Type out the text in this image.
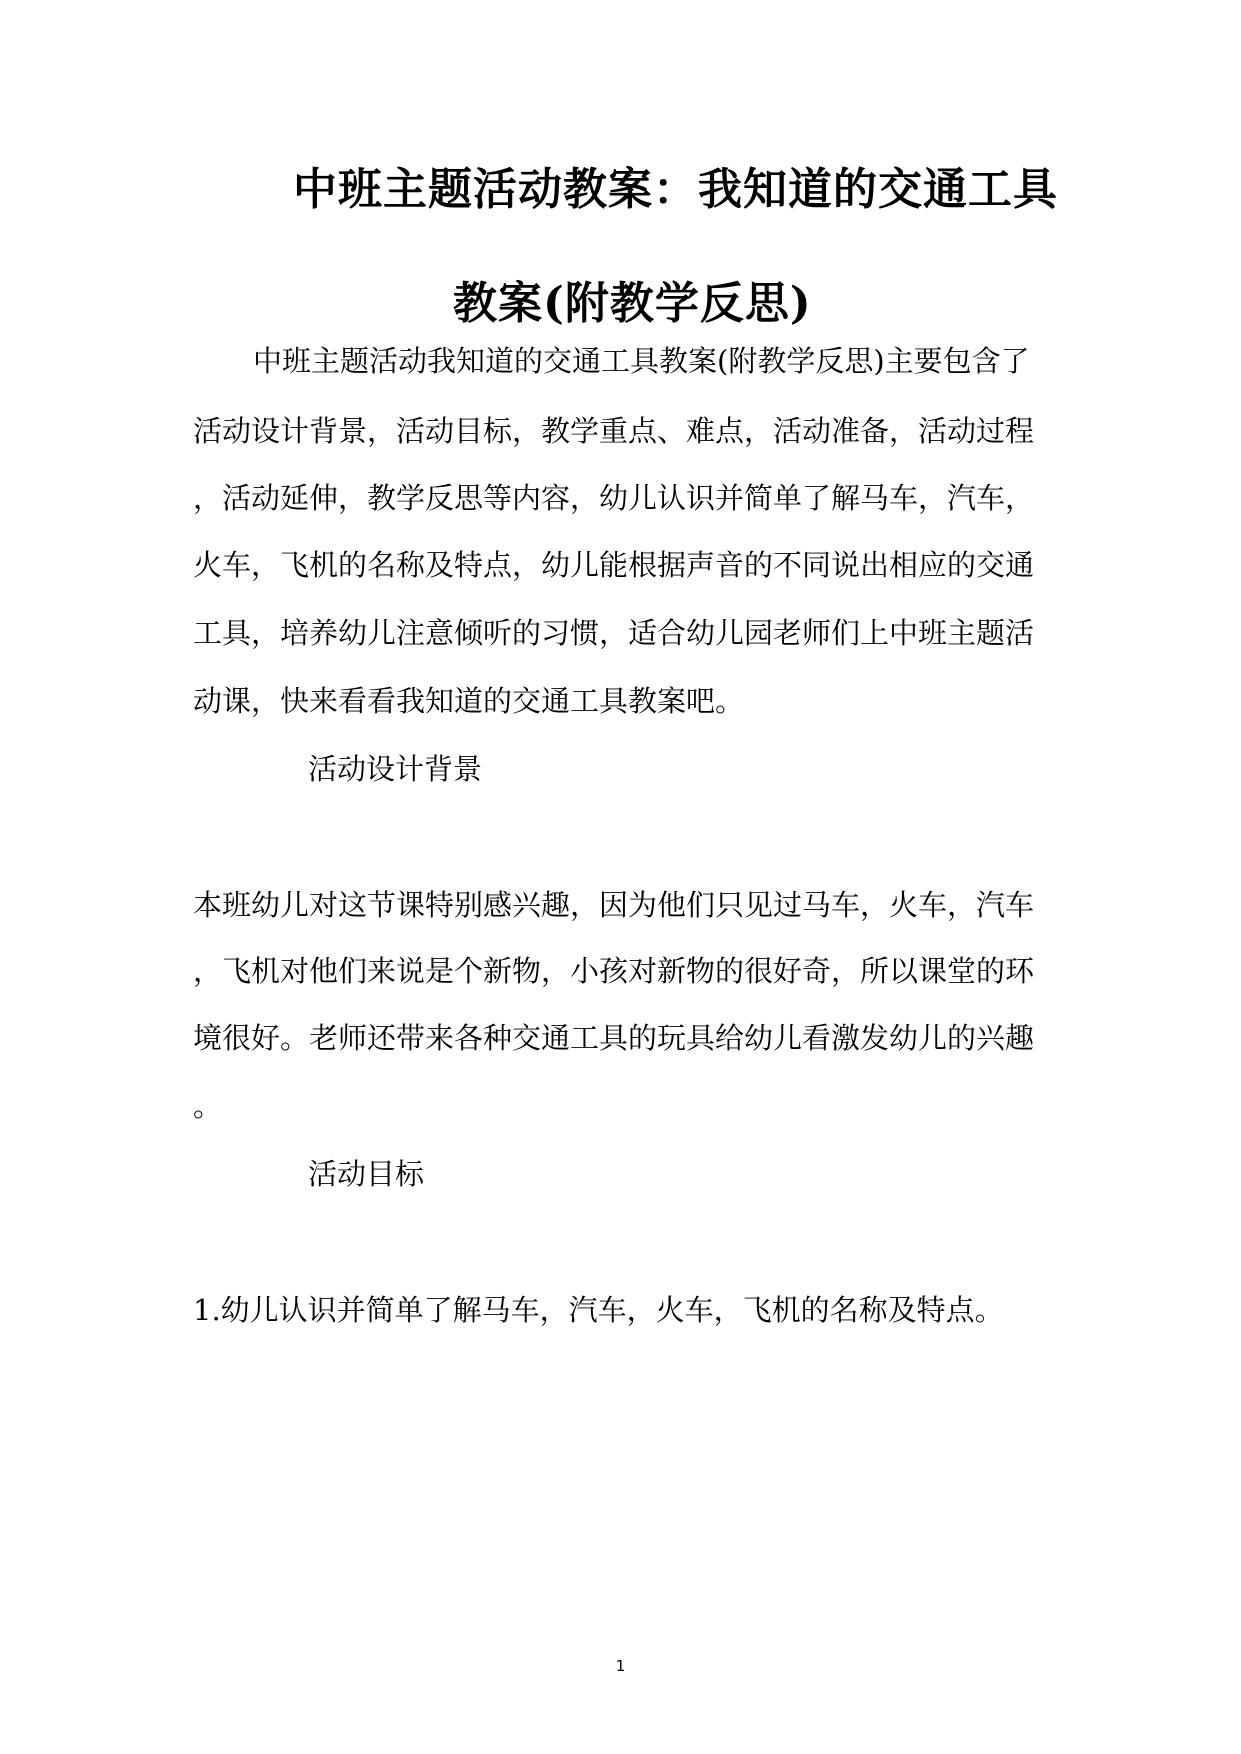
中班主题活动教案：我知道的交通工具
教案(附教学反思)
中班主题活动我知道的交通工具教案(附教学反思)主要包含了
活动设计背景，活动目标，教学重点、难点，活动准备，活动过程
，活动延伸，教学反思等内容，幼儿认识并简单了解马车，汽车，
火车，飞机的名称及特点，幼儿能根据声音的不同说出相应的交通
工具，培养幼儿注意倾听的习惯，适合幼儿园老师们上中班主题活
动课，快来看看我知道的交通工具教案吧。
活动设计背景
本班幼儿对这节课特别感兴趣，因为他们只见过马车，火车，汽车
，飞机对他们来说是个新物，小孩对新物的很好奇，所以课堂的环
境很好。老师还带来各种交通工具的玩具给幼儿看激发幼儿的兴趣
。
活动目标
1.幼儿认识并简单了解马车，汽车，火车，飞机的名称及特点。
1
